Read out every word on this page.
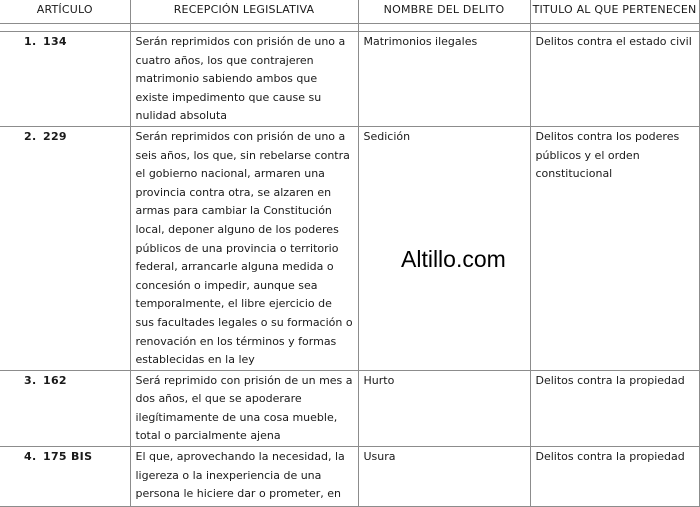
ARTÍCULO	RECEPCIÓN LEGISLATIVA	NOMBRE DEL DELITO	TITULO AL QUE PERTENECEN

1. 134	Serán reprimidos con prisión de uno a cuatro años, los que contrajeren matrimonio sabiendo ambos que existe impedimento que cause su nulidad absoluta	Matrimonios ilegales	Delitos contra el estado civil

2. 229	Serán reprimidos con prisión de uno a seis años, los que, sin rebelarse contra el gobierno nacional, armaren una provincia contra otra, se alzaren en armas para cambiar la Constitución local, deponer alguno de los poderes públicos de una provincia o territorio federal, arrancarle alguna medida o concesión o impedir, aunque sea temporalmente, el libre ejercicio de sus facultades legales o su formación o renovación en los términos y formas establecidas en la ley	Sedición	Delitos contra los poderes públicos y el orden constitucional

3. 162	Será reprimido con prisión de un mes a dos años, el que se apoderare ilegítimamente de una cosa mueble, total o parcialmente ajena	Hurto	Delitos contra la propiedad

4. 175 BIS	El que, aprovechando la necesidad, la ligereza o la inexperiencia de una persona le hiciere dar o prometer, en	Usura	Delitos contra la propiedad
Altillo.com
